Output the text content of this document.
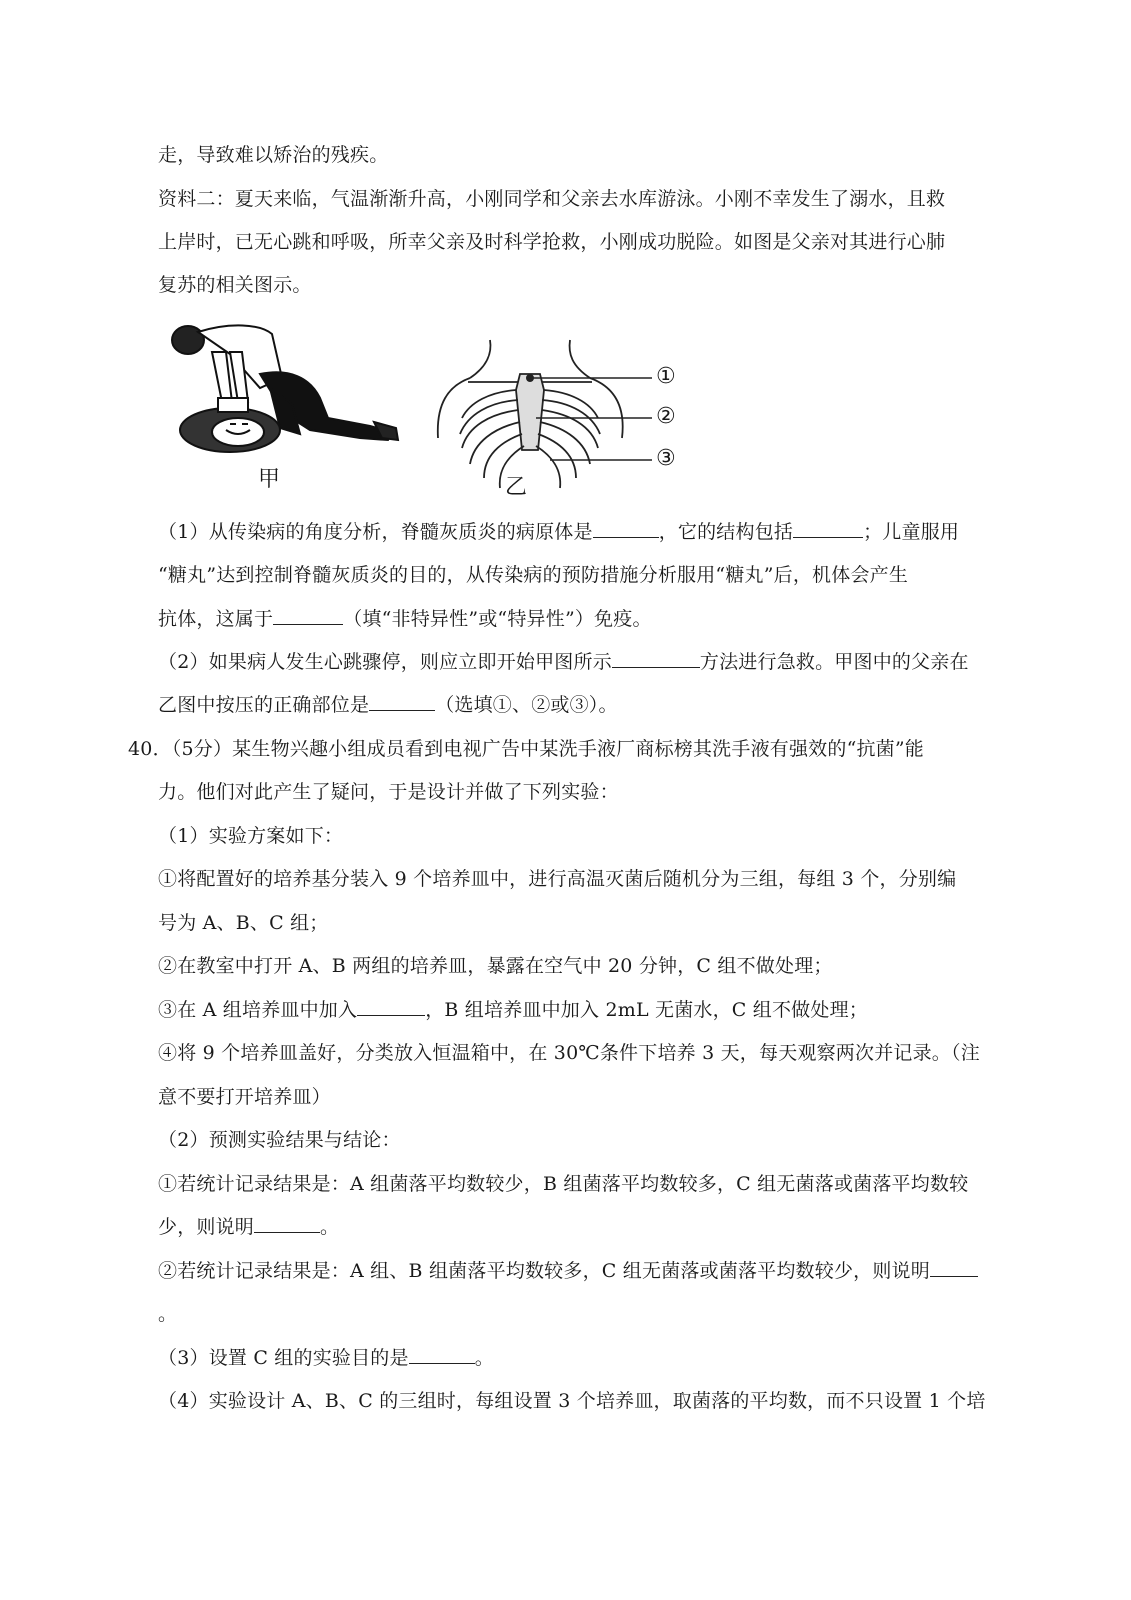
走，导致难以矫治的残疾。
资料二：夏天来临，气温渐渐升高，小刚同学和父亲去水库游泳。小刚不幸发生了溺水，且救
上岸时，已无心跳和呼吸，所幸父亲及时科学抢救，小刚成功脱险。如图是父亲对其进行心肺
复苏的相关图示。
甲
①
②
③
乙
（1）从传染病的角度分析，脊髓灰质炎的病原体是	，它的结构包括	；儿童服用
“糖丸”达到控制脊髓灰质炎的目的，从传染病的预防措施分析服用“糖丸”后，机体会产生
抗体，这属于	（填“非特异性”或“特异性”）免疫。
（2）如果病人发生心跳骤停，则应立即开始甲图所示	方法进行急救。甲图中的父亲在
乙图中按压的正确部位是	（选填①、②或③）。
40．（5分）某生物兴趣小组成员看到电视广告中某洗手液厂商标榜其洗手液有强效的“抗菌”能
力。他们对此产生了疑问，于是设计并做了下列实验：
（1）实验方案如下：
①将配置好的培养基分装入 9 个培养皿中，进行高温灭菌后随机分为三组，每组 3 个，分别编
号为 A、B、C 组；
②在教室中打开 A、B 两组的培养皿，暴露在空气中 20 分钟，C 组不做处理；
③在 A 组培养皿中加入	，B 组培养皿中加入 2mL 无菌水，C 组不做处理；
④将 9 个培养皿盖好，分类放入恒温箱中，在 30℃条件下培养 3 天，每天观察两次并记录。（注
意不要打开培养皿）
（2）预测实验结果与结论：
①若统计记录结果是：A 组菌落平均数较少，B 组菌落平均数较多，C 组无菌落或菌落平均数较
少，则说明	。
②若统计记录结果是：A 组、B 组菌落平均数较多，C 组无菌落或菌落平均数较少，则说明
。
（3）设置 C 组的实验目的是	。
（4）实验设计 A、B、C 的三组时，每组设置 3 个培养皿，取菌落的平均数，而不只设置 1 个培
